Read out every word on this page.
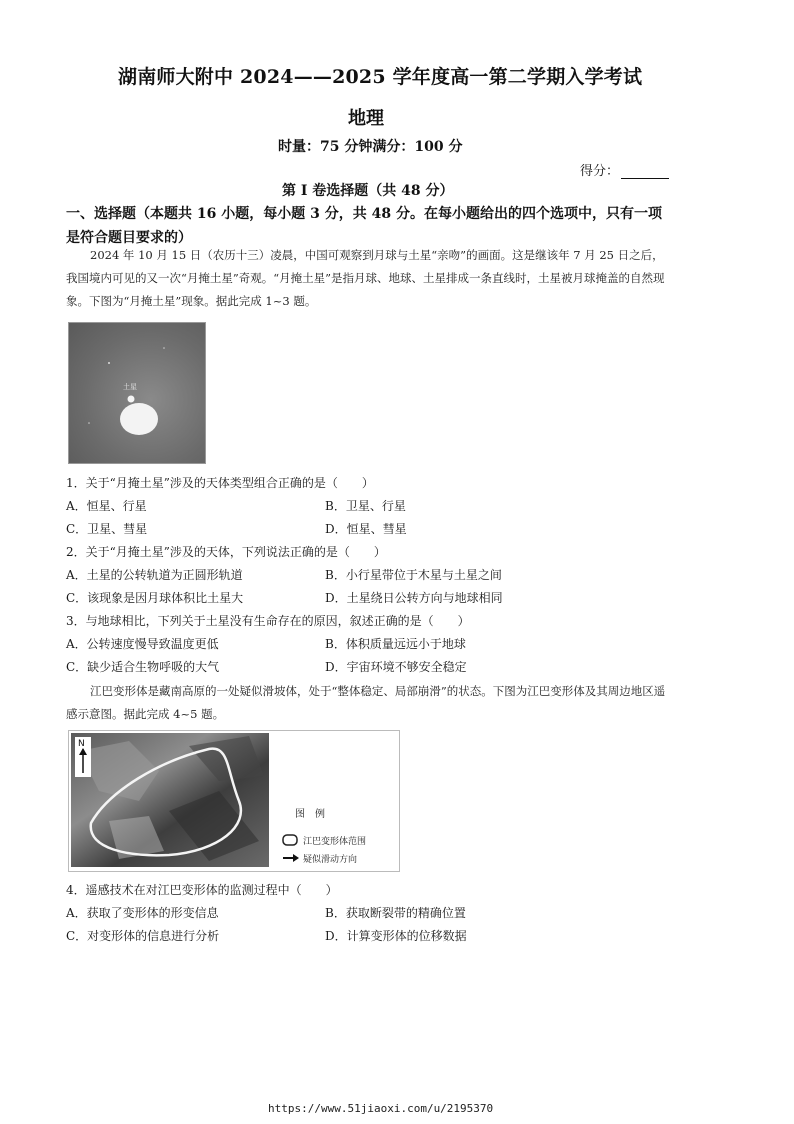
湖南师大附中 2024——2025 学年度高一第二学期入学考试
地理
时量：75 分钟满分：100 分
得分：
第 I 卷选择题（共 48 分）
一、选择题（本题共 16 小题，每小题 3 分，共 48 分。在每小题给出的四个选项中，只有一项是符合题目要求的）
2024 年 10 月 15 日（农历十三）凌晨，中国可观察到月球与土星“亲吻”的画面。这是继该年 7 月 25 日之后，我国境内可见的又一次“月掩土星”奇观。“月掩土星”是指月球、地球、土星排成一条直线时，土星被月球掩盖的自然现象。下图为“月掩土星”现象。据此完成 1~3 题。
土星
1．关于“月掩土星”涉及的天体类型组合正确的是（　　）
A．恒星、行星	B．卫星、行星
C．卫星、彗星	D．恒星、彗星
2．关于“月掩土星”涉及的天体，下列说法正确的是（　　）
A．土星的公转轨道为正圆形轨道	B．小行星带位于木星与土星之间
C．该现象是因月球体积比土星大	D．土星绕日公转方向与地球相同
3．与地球相比，下列关于土星没有生命存在的原因，叙述正确的是（　　）
A．公转速度慢导致温度更低	B．体积质量远远小于地球
C．缺少适合生物呼吸的大气	D．宇宙环境不够安全稳定
江巴变形体是藏南高原的一处疑似滑坡体，处于“整体稳定、局部崩滑”的状态。下图为江巴变形体及其周边地区遥感示意图。据此完成 4~5 题。
N
图　例
江巴变形体范围
疑似滑动方向
4．遥感技术在对江巴变形体的监测过程中（　　）
A．获取了变形体的形变信息	B．获取断裂带的精确位置
C．对变形体的信息进行分析	D．计算变形体的位移数据
https://www.51jiaoxi.com/u/2195370
